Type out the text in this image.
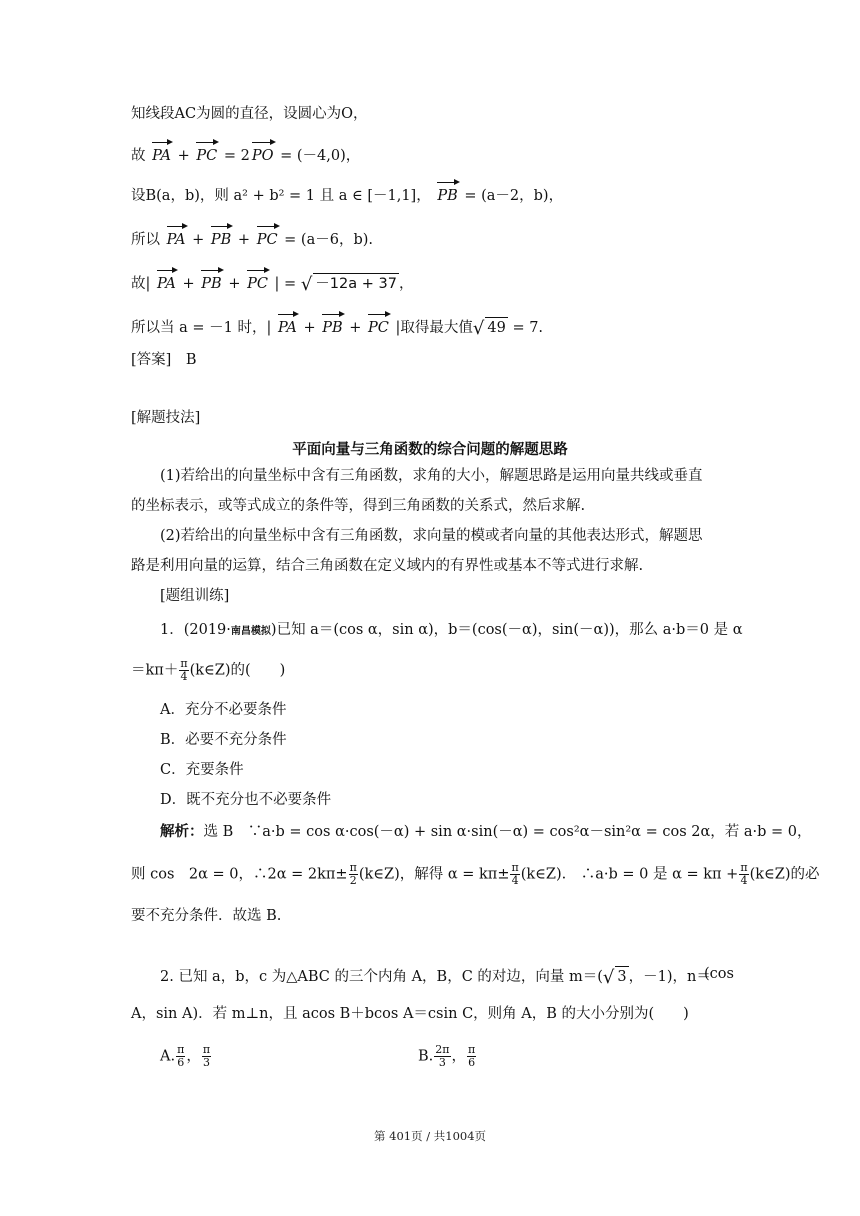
知线段AC为圆的直径，设圆心为O，
故 PA + PC = 2 PO = (－4,0)，
设B(a，b)，则 a² + b² = 1 且 a ∈ [－1,1]， PB = (a－2，b)，
所以 PA + PB + PC = (a－6，b).
故| PA + PB + PC | = √ －12a + 37 ，
所以当 a = －1 时，| PA + PB + PC |取得最大值√ 49 = 7.
[答案]　B
[解题技法]
平面向量与三角函数的综合问题的解题思路
(1)若给出的向量坐标中含有三角函数，求角的大小，解题思路是运用向量共线或垂直
的坐标表示，或等式成立的条件等，得到三角函数的关系式，然后求解.
(2)若给出的向量坐标中含有三角函数，求向量的模或者向量的其他表达形式，解题思
路是利用向量的运算，结合三角函数在定义域内的有界性或基本不等式进行求解.
[题组训练]
1．(2019·南昌模拟)已知 a＝(cos α，sin α)，b＝(cos(－α)，sin(－α))，那么 a·b＝0 是 α
$=k\pi+ \frac{\pi}{4}$ (k∈Z)的(　　)
A．充分不必要条件
B．必要不充分条件
C．充要条件
D．既不充分也不必要条件
解析：选 B　∵a·b = cos α·cos(－α) + sin α·sin(－α) = cos²α－sin²α = cos 2α，若 a·b = 0，
则 cos　2α = 0，∴2α = $2k\pi\pm \frac{\pi}{2}$ (k∈Z)，解得 $\alpha = k\pi\pm \frac{\pi}{4}$ (k∈Z).　∴a·b = 0 是 $\alpha = k\pi + \frac{\pi}{4}$ (k∈Z)的必
要不充分条件．故选 B.
2. 已知 a，b，c 为△ABC 的三个内角 A，B，C 的对边，向量 m＝(√ 3 ，－1)，n＝
(cos
A，sin A)．若 m⊥n，且 acos B＋bcos A＝csin C，则角 A，B 的大小分别为(　　)
A. $\frac{\pi}{6}$ ， $\frac{\pi}{3}$	B. $\frac{2\pi}{3}$ ， $\frac{\pi}{6}$
第 401页 / 共1004页
